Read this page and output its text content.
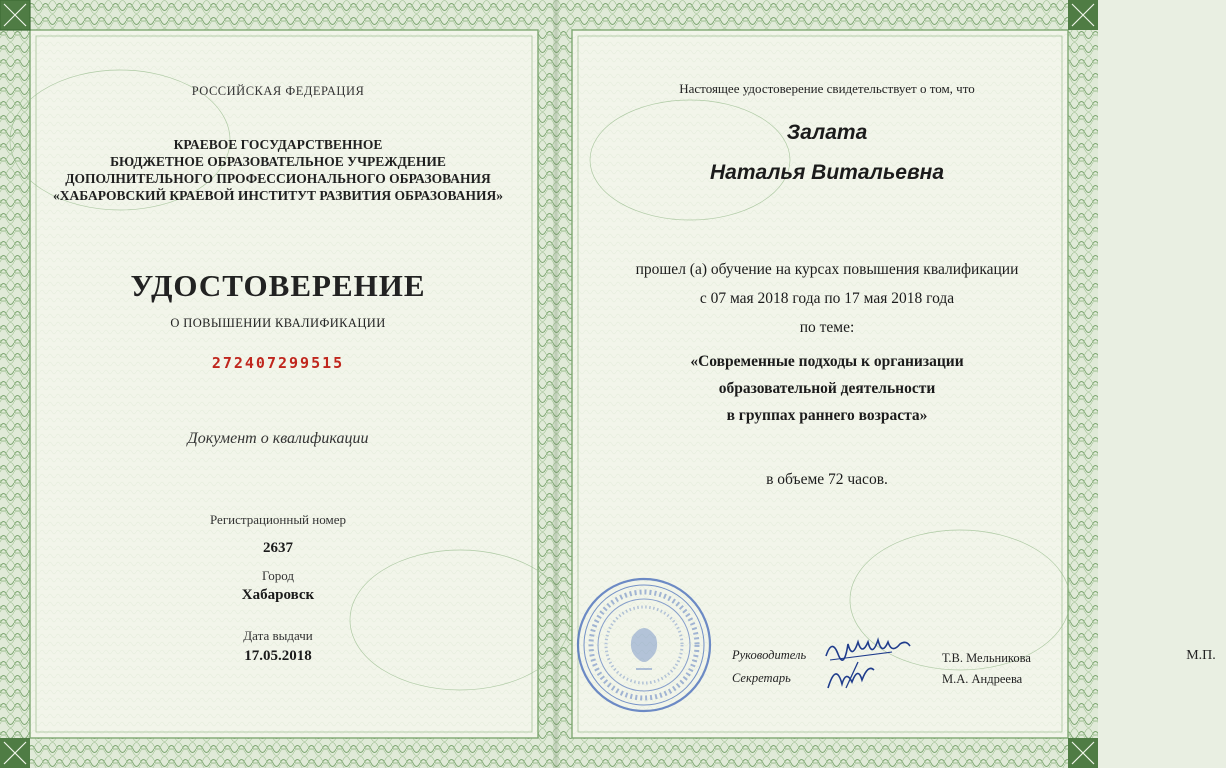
РОССИЙСКАЯ ФЕДЕРАЦИЯ
КРАЕВОЕ ГОСУДАРСТВЕННОЕ
БЮДЖЕТНОЕ ОБРАЗОВАТЕЛЬНОЕ УЧРЕЖДЕНИЕ
ДОПОЛНИТЕЛЬНОГО ПРОФЕССИОНАЛЬНОГО ОБРАЗОВАНИЯ
«ХАБАРОВСКИЙ КРАЕВОЙ ИНСТИТУТ РАЗВИТИЯ ОБРАЗОВАНИЯ»
УДОСТОВЕРЕНИЕ
О ПОВЫШЕНИИ КВАЛИФИКАЦИИ
272407299515
Документ о квалификации
Регистрационный номер
2637
Город
Хабаровск
Дата выдачи
17.05.2018
Настоящее удостоверение свидетельствует о том, что
Залата
Наталья Витальевна
прошел (а) обучение на курсах повышения квалификации
с 07 мая 2018 года по 17 мая 2018 года
по теме:
«Современные подходы к организации
образовательной деятельности
в группах раннего возраста»
в объеме 72 часов.
М.П.
Руководитель	Т.В. Мельникова
Секретарь	М.А. Андреева
